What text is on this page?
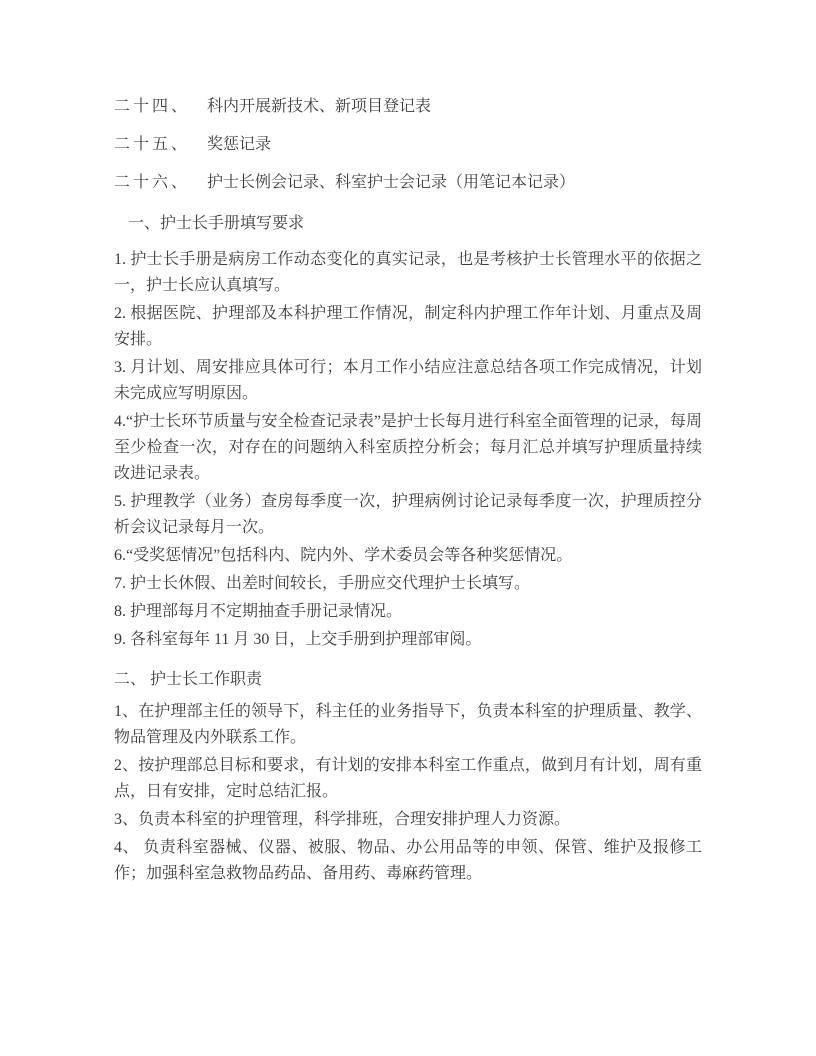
二十四、 科内开展新技术、新项目登记表

二十五、 奖惩记录

二十六、 护士长例会记录、科室护士会记录（用笔记本记录）

一、护士长手册填写要求

1. 护士长手册是病房工作动态变化的真实记录，也是考核护士长管理水平的依据之一，护士长应认真填写。

2. 根据医院、护理部及本科护理工作情况，制定科内护理工作年计划、月重点及周安排。

3. 月计划、周安排应具体可行；本月工作小结应注意总结各项工作完成情况，计划未完成应写明原因。

4.“护士长环节质量与安全检查记录表”是护士长每月进行科室全面管理的记录，每周至少检查一次，对存在的问题纳入科室质控分析会；每月汇总并填写护理质量持续改进记录表。

5. 护理教学（业务）查房每季度一次，护理病例讨论记录每季度一次，护理质控分析会议记录每月一次。

6.“受奖惩情况”包括科内、院内外、学术委员会等各种奖惩情况。

7. 护士长休假、出差时间较长，手册应交代理护士长填写。

8. 护理部每月不定期抽查手册记录情况。

9. 各科室每年 11 月 30 日，上交手册到护理部审阅。

二、 护士长工作职责

1、在护理部主任的领导下，科主任的业务指导下，负责本科室的护理质量、教学、物品管理及内外联系工作。

2、按护理部总目标和要求，有计划的安排本科室工作重点，做到月有计划，周有重点，日有安排，定时总结汇报。

3、负责本科室的护理管理，科学排班，合理安排护理人力资源。

4、 负责科室器械、仪器、被服、物品、办公用品等的申领、保管、维护及报修工作；加强科室急救物品药品、备用药、毒麻药管理。
